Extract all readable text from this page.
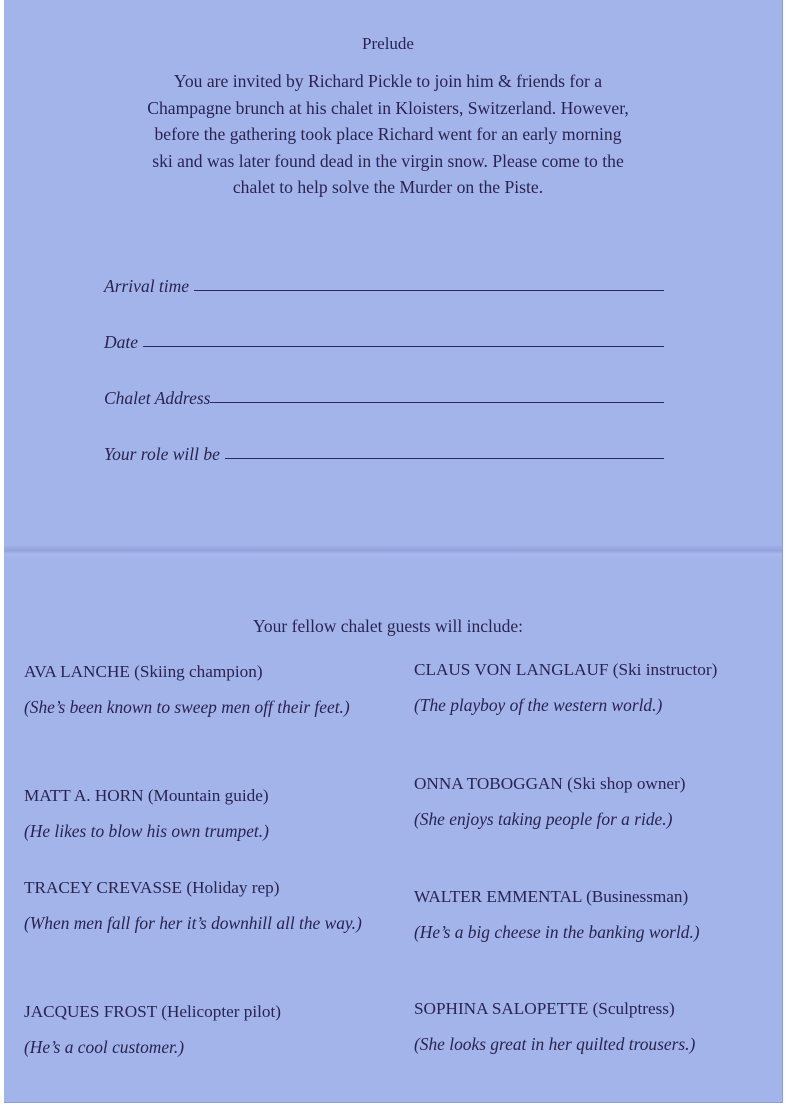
Prelude
You are invited by Richard Pickle to join him & friends for a
Champagne brunch at his chalet in Kloisters, Switzerland. However,
before the gathering took place Richard went for an early morning
ski and was later found dead in the virgin snow. Please come to the
chalet to help solve the Murder on the Piste.
Arrival time
Date
Chalet Address
Your role will be
Your fellow chalet guests will include:
AVA LANCHE (Skiing champion)
(She’s been known to sweep men off their feet.)
MATT A. HORN (Mountain guide)
(He likes to blow his own trumpet.)
TRACEY CREVASSE (Holiday rep)
(When men fall for her it’s downhill all the way.)
JACQUES FROST (Helicopter pilot)
(He’s a cool customer.)
CLAUS VON LANGLAUF (Ski instructor)
(The playboy of the western world.)
ONNA TOBOGGAN (Ski shop owner)
(She enjoys taking people for a ride.)
WALTER EMMENTAL (Businessman)
(He’s a big cheese in the banking world.)
SOPHINA SALOPETTE (Sculptress)
(She looks great in her quilted trousers.)
